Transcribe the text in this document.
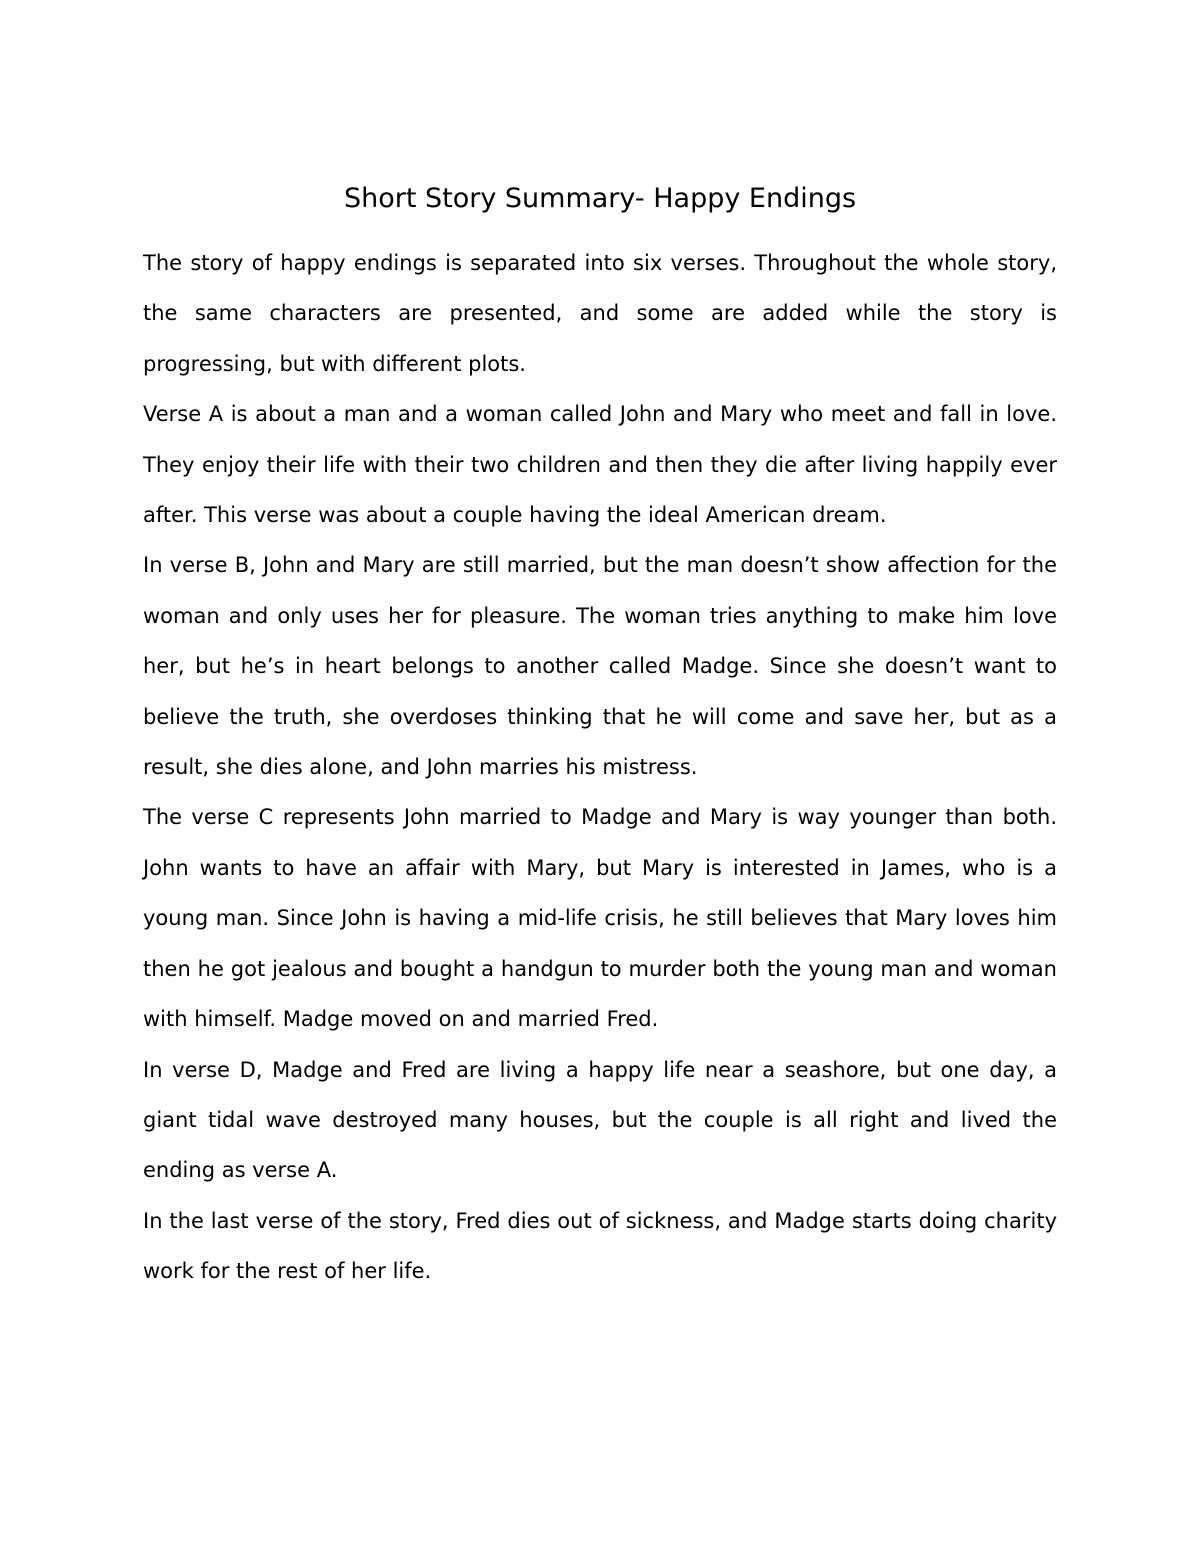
Short Story Summary- Happy Endings

The story of happy endings is separated into six verses. Throughout the whole story, the same characters are presented, and some are added while the story is progressing, but with different plots.

Verse A is about a man and a woman called John and Mary who meet and fall in love. They enjoy their life with their two children and then they die after living happily ever after. This verse was about a couple having the ideal American dream.

In verse B, John and Mary are still married, but the man doesn’t show affection for the woman and only uses her for pleasure. The woman tries anything to make him love her, but he’s in heart belongs to another called Madge. Since she doesn’t want to believe the truth, she overdoses thinking that he will come and save her, but as a result, she dies alone, and John marries his mistress.

The verse C represents John married to Madge and Mary is way younger than both. John wants to have an affair with Mary, but Mary is interested in James, who is a young man. Since John is having a mid-life crisis, he still believes that Mary loves him then he got jealous and bought a handgun to murder both the young man and woman with himself. Madge moved on and married Fred.

In verse D, Madge and Fred are living a happy life near a seashore, but one day, a giant tidal wave destroyed many houses, but the couple is all right and lived the ending as verse A.

In the last verse of the story, Fred dies out of sickness, and Madge starts doing charity work for the rest of her life.
